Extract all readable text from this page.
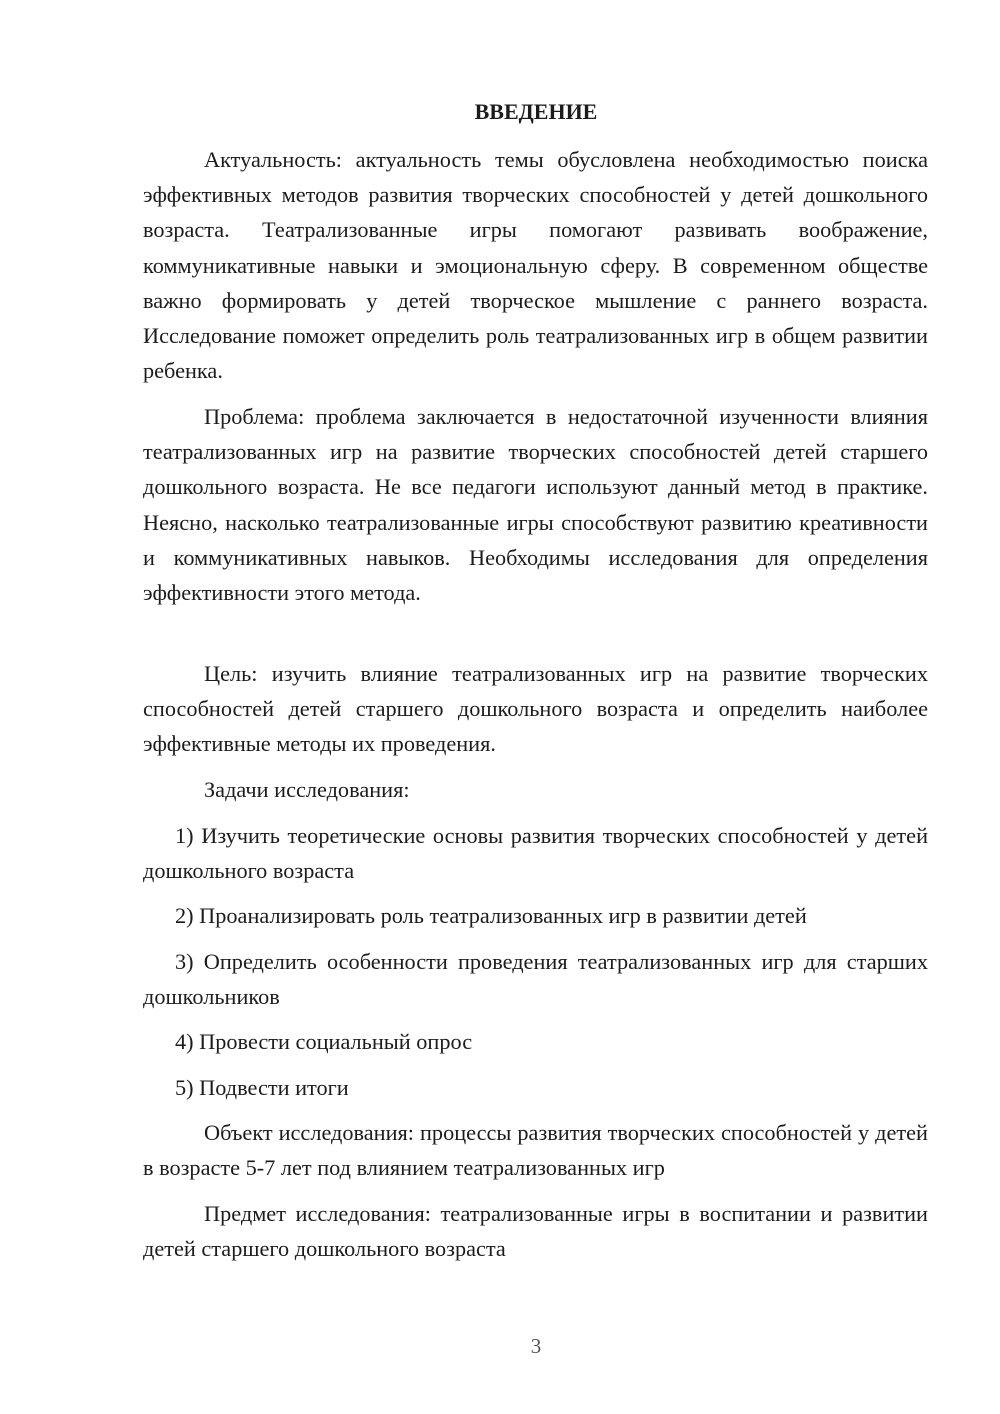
ВВЕДЕНИЕ

Актуальность: актуальность темы обусловлена необходимостью поиска эффективных методов развития творческих способностей у детей дошкольного возраста. Театрализованные игры помогают развивать воображение, коммуникативные навыки и эмоциональную сферу. В современном обществе важно формировать у детей творческое мышление с раннего возраста. Исследование поможет определить роль театрализованных игр в общем развитии ребенка.

Проблема: проблема заключается в недостаточной изученности влияния театрализованных игр на развитие творческих способностей детей старшего дошкольного возраста. Не все педагоги используют данный метод в практике. Неясно, насколько театрализованные игры способствуют развитию креативности и коммуникативных навыков. Необходимы исследования для определения эффективности этого метода.

Цель: изучить влияние театрализованных игр на развитие творческих способностей детей старшего дошкольного возраста и определить наиболее эффективные методы их проведения.

Задачи исследования:

1) Изучить теоретические основы развития творческих способностей у детей дошкольного возраста

2) Проанализировать роль театрализованных игр в развитии детей

3) Определить особенности проведения театрализованных игр для старших дошкольников

4) Провести социальный опрос

5) Подвести итоги

Объект исследования: процессы развития творческих способностей у детей в возрасте 5-7 лет под влиянием театрализованных игр

Предмет исследования: театрализованные игры в воспитании и развитии детей старшего дошкольного возраста

3
